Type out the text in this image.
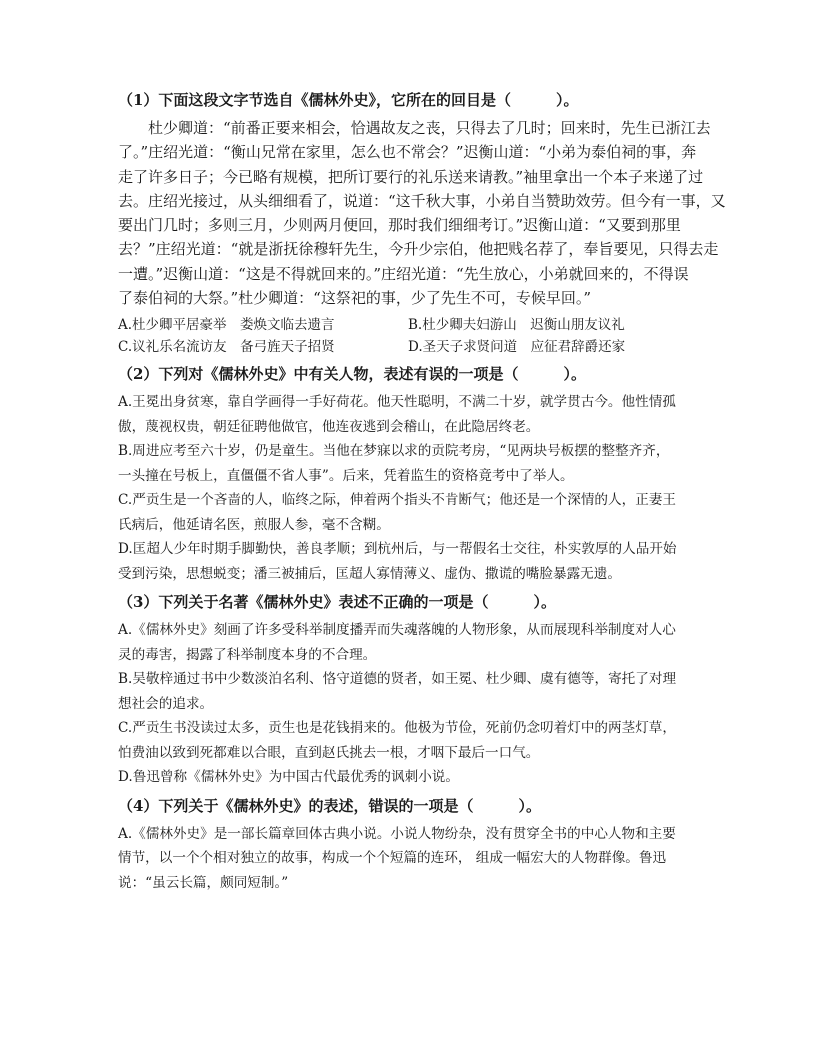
（1）下面这段文字节选自《儒林外史》，它所在的回目是（　　　）。

　　杜少卿道：“前番正要来相会，恰遇故友之丧，只得去了几时；回来时，先生已浙江去

了。”庄绍光道：“衡山兄常在家里，怎么也不常会？”迟衡山道：“小弟为泰伯祠的事，奔

走了许多日子；今已略有规模，把所订要行的礼乐送来请教。”袖里拿出一个本子来递了过

去。庄绍光接过，从头细细看了，说道：“这千秋大事，小弟自当赞助效劳。但今有一事，又

要出门几时；多则三月，少则两月便回，那时我们细细考订。”迟衡山道：“又要到那里

去？”庄绍光道：“就是浙抚徐穆轩先生，今升少宗伯，他把贱名荐了，奉旨要见，只得去走

一遭。”迟衡山道：“这是不得就回来的。”庄绍光道：“先生放心，小弟就回来的，不得误

了泰伯祠的大祭。”杜少卿道：“这祭祀的事，少了先生不可，专候早回。”

A.杜少卿平居豪举　娄焕文临去遗言	B.杜少卿夫妇游山　迟衡山朋友议礼
C.议礼乐名流访友　备弓旌天子招贤	D.圣天子求贤问道　应征君辞爵还家
（2）下列对《儒林外史》中有关人物，表述有误的一项是（　　　）。

A.王冕出身贫寒，靠自学画得一手好荷花。他天性聪明，不满二十岁，就学贯古今。他性情孤

傲，蔑视权贵，朝廷征聘他做官，他连夜逃到会稽山，在此隐居终老。

B.周进应考至六十岁，仍是童生。当他在梦寐以求的贡院考房，“见两块号板摆的整整齐齐，

一头撞在号板上，直僵僵不省人事”。后来，凭着监生的资格竟考中了举人。

C.严贡生是一个吝啬的人，临终之际，伸着两个指头不肯断气；他还是一个深情的人，正妻王

氏病后，他延请名医，煎服人参，毫不含糊。

D.匡超人少年时期手脚勤快，善良孝顺；到杭州后，与一帮假名士交往，朴实敦厚的人品开始

受到污染，思想蜕变；潘三被捕后，匡超人寡情薄义、虚伪、撒谎的嘴脸暴露无遗。

（3）下列关于名著《儒林外史》表述不正确的一项是（　　　）。

A.《儒林外史》刻画了许多受科举制度播弄而失魂落魄的人物形象，从而展现科举制度对人心

灵的毒害，揭露了科举制度本身的不合理。

B.吴敬梓通过书中少数淡泊名利、恪守道德的贤者，如王冕、杜少卿、虞有德等，寄托了对理

想社会的追求。

C.严贡生书没读过太多，贡生也是花钱捐来的。他极为节俭，死前仍念叨着灯中的两茎灯草，

怕费油以致到死都难以合眼，直到赵氏挑去一根，才咽下最后一口气。

D.鲁迅曾称《儒林外史》为中国古代最优秀的讽刺小说。

（4）下列关于《儒林外史》的表述，错误的一项是（　　　）。

A.《儒林外史》是一部长篇章回体古典小说。小说人物纷杂，没有贯穿全书的中心人物和主要

情节，以一个个相对独立的故事，构成一个个短篇的连环， 组成一幅宏大的人物群像。鲁迅

说：“虽云长篇，颇同短制。”
